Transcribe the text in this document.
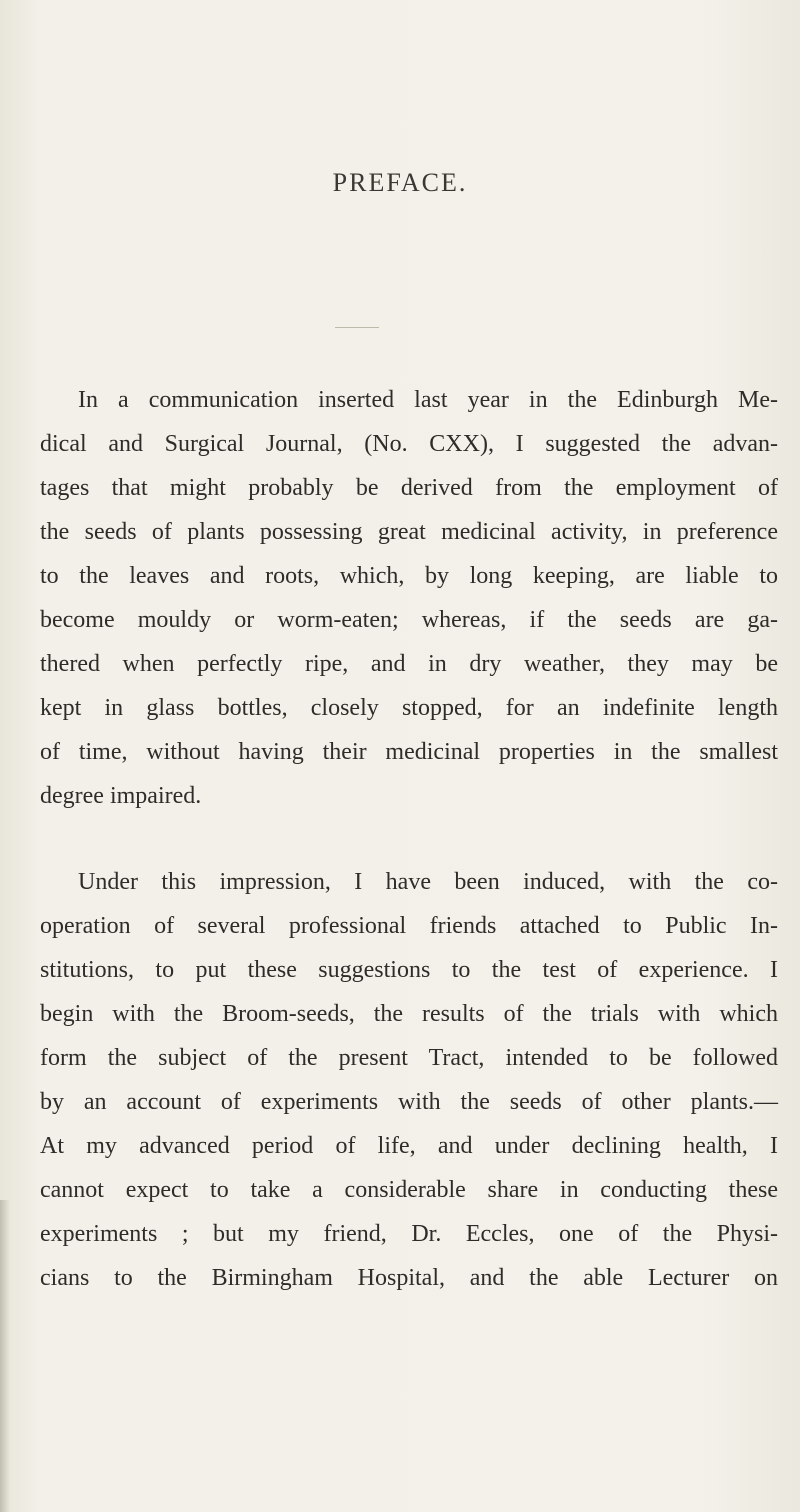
PREFACE.
In a communication inserted last year in the Edinburgh Me-
dical and Surgical Journal, (No. CXX), I suggested the advan-
tages that might probably be derived from the employment of
the seeds of plants possessing great medicinal activity, in preference
to the leaves and roots, which, by long keeping, are liable to
become mouldy or worm-eaten; whereas, if the seeds are ga-
thered when perfectly ripe, and in dry weather, they may be
kept in glass bottles, closely stopped, for an indefinite length
of time, without having their medicinal properties in the smallest
degree impaired.
Under this impression, I have been induced, with the co-
operation of several professional friends attached to Public In-
stitutions, to put these suggestions to the test of experience. I
begin with the Broom-seeds, the results of the trials with which
form the subject of the present Tract, intended to be followed
by an account of experiments with the seeds of other plants.—
At my advanced period of life, and under declining health, I
cannot expect to take a considerable share in conducting these
experiments ; but my friend, Dr. Eccles, one of the Physi-
cians to the Birmingham Hospital, and the able Lecturer on
